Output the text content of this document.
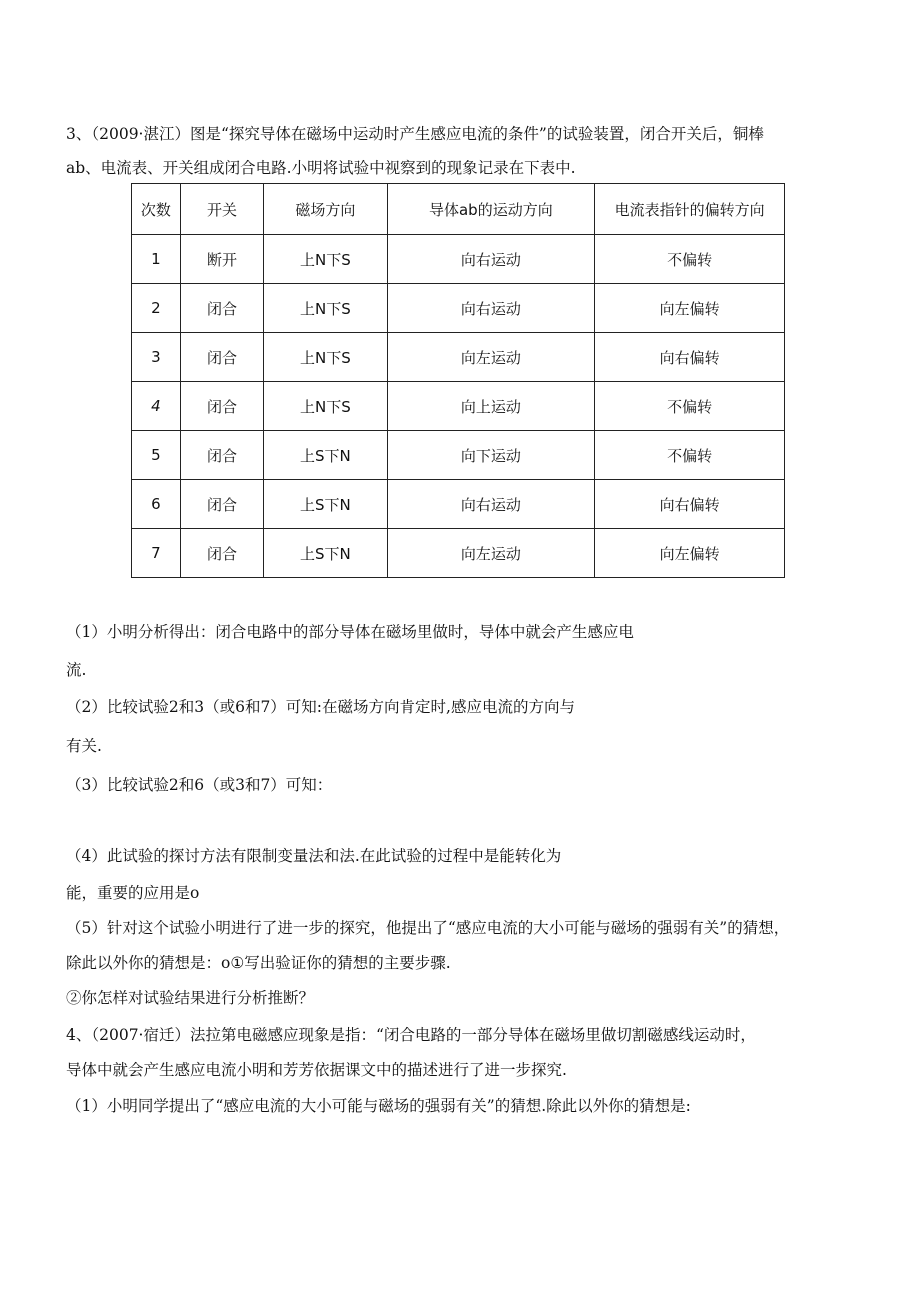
3、（2009·湛江）图是“探究导体在磁场中运动时产生感应电流的条件”的试验装置，闭合开关后，铜棒
ab、电流表、开关组成闭合电路.小明将试验中视察到的现象记录在下表中.
次数	开关	磁场方向	导体ab的运动方向	电流表指针的偏转方向
1	断开	上N下S	向右运动	不偏转
2	闭合	上N下S	向右运动	向左偏转
3	闭合	上N下S	向左运动	向右偏转
4	闭合	上N下S	向上运动	不偏转
5	闭合	上S下N	向下运动	不偏转
6	闭合	上S下N	向右运动	向右偏转
7	闭合	上S下N	向左运动	向左偏转
（1）小明分析得出：闭合电路中的部分导体在磁场里做时，导体中就会产生感应电
流.
（2）比较试验2和3（或6和7）可知:在磁场方向肯定时,感应电流的方向与
有关.
（3）比较试验2和6（或3和7）可知：
（4）此试验的探讨方法有限制变量法和法.在此试验的过程中是能转化为
能，重要的应用是o
（5）针对这个试验小明进行了进一步的探究，他提出了“感应电流的大小可能与磁场的强弱有关”的猜想，
除此以外你的猜想是：o①写出验证你的猜想的主要步骤.
②你怎样对试验结果进行分析推断？
4、（2007·宿迁）法拉第电磁感应现象是指：“闭合电路的一部分导体在磁场里做切割磁感线运动时，
导体中就会产生感应电流小明和芳芳依据课文中的描述进行了进一步探究.
（1）小明同学提出了“感应电流的大小可能与磁场的强弱有关”的猜想.除此以外你的猜想是:
